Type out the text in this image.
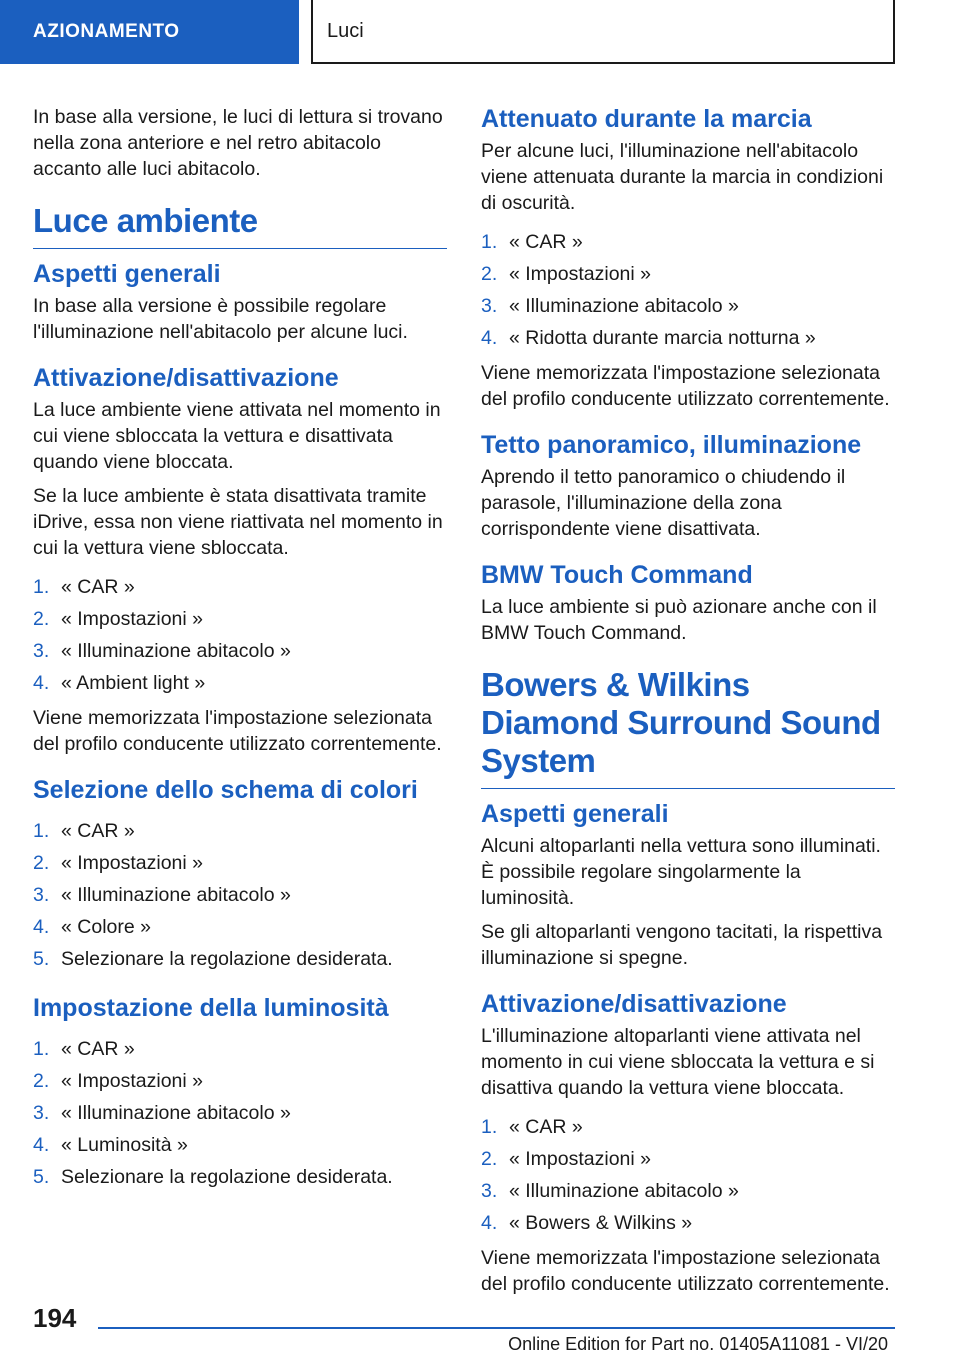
AZIONAMENTO	Luci

In base alla versione, le luci di lettura si trovano nella zona anteriore e nel retro abitacolo accanto alle luci abitacolo.

Luce ambiente
Aspetti generali

In base alla versione è possibile regolare l'illuminazione nell'abitacolo per alcune luci.

Attivazione/disattivazione

La luce ambiente viene attivata nel momento in cui viene sbloccata la vettura e disattivata quando viene bloccata.

Se la luce ambiente è stata disattivata tramite iDrive, essa non viene riattivata nel momento in cui la vettura viene sbloccata.

1. « CAR »
2. « Impostazioni »
3. « Illuminazione abitacolo »
4. « Ambient light »

Viene memorizzata l'impostazione selezionata del profilo conducente utilizzato correntemente.

Selezione dello schema di colori
1. « CAR »
2. « Impostazioni »
3. « Illuminazione abitacolo »
4. « Colore »
5. Selezionare la regolazione desiderata.
Impostazione della luminosità
1. « CAR »
2. « Impostazioni »
3. « Illuminazione abitacolo »
4. « Luminosità »
5. Selezionare la regolazione desiderata.
Attenuato durante la marcia

Per alcune luci, l'illuminazione nell'abitacolo viene attenuata durante la marcia in condizioni di oscurità.

1. « CAR »
2. « Impostazioni »
3. « Illuminazione abitacolo »
4. « Ridotta durante marcia notturna »

Viene memorizzata l'impostazione selezionata del profilo conducente utilizzato correntemente.

Tetto panoramico, illuminazione

Aprendo il tetto panoramico o chiudendo il parasole, l'illuminazione della zona corrispondente viene disattivata.

BMW Touch Command

La luce ambiente si può azionare anche con il BMW Touch Command.

Bowers & Wilkins Diamond Surround Sound System
Aspetti generali

Alcuni altoparlanti nella vettura sono illuminati. È possibile regolare singolarmente la luminosità.

Se gli altoparlanti vengono tacitati, la rispettiva illuminazione si spegne.

Attivazione/disattivazione

L'illuminazione altoparlanti viene attivata nel momento in cui viene sbloccata la vettura e si disattiva quando la vettura viene bloccata.

1. « CAR »
2. « Impostazioni »
3. « Illuminazione abitacolo »
4. « Bowers & Wilkins »

Viene memorizzata l'impostazione selezionata del profilo conducente utilizzato correntemente.

194
Online Edition for Part no. 01405A11081 - VI/20
